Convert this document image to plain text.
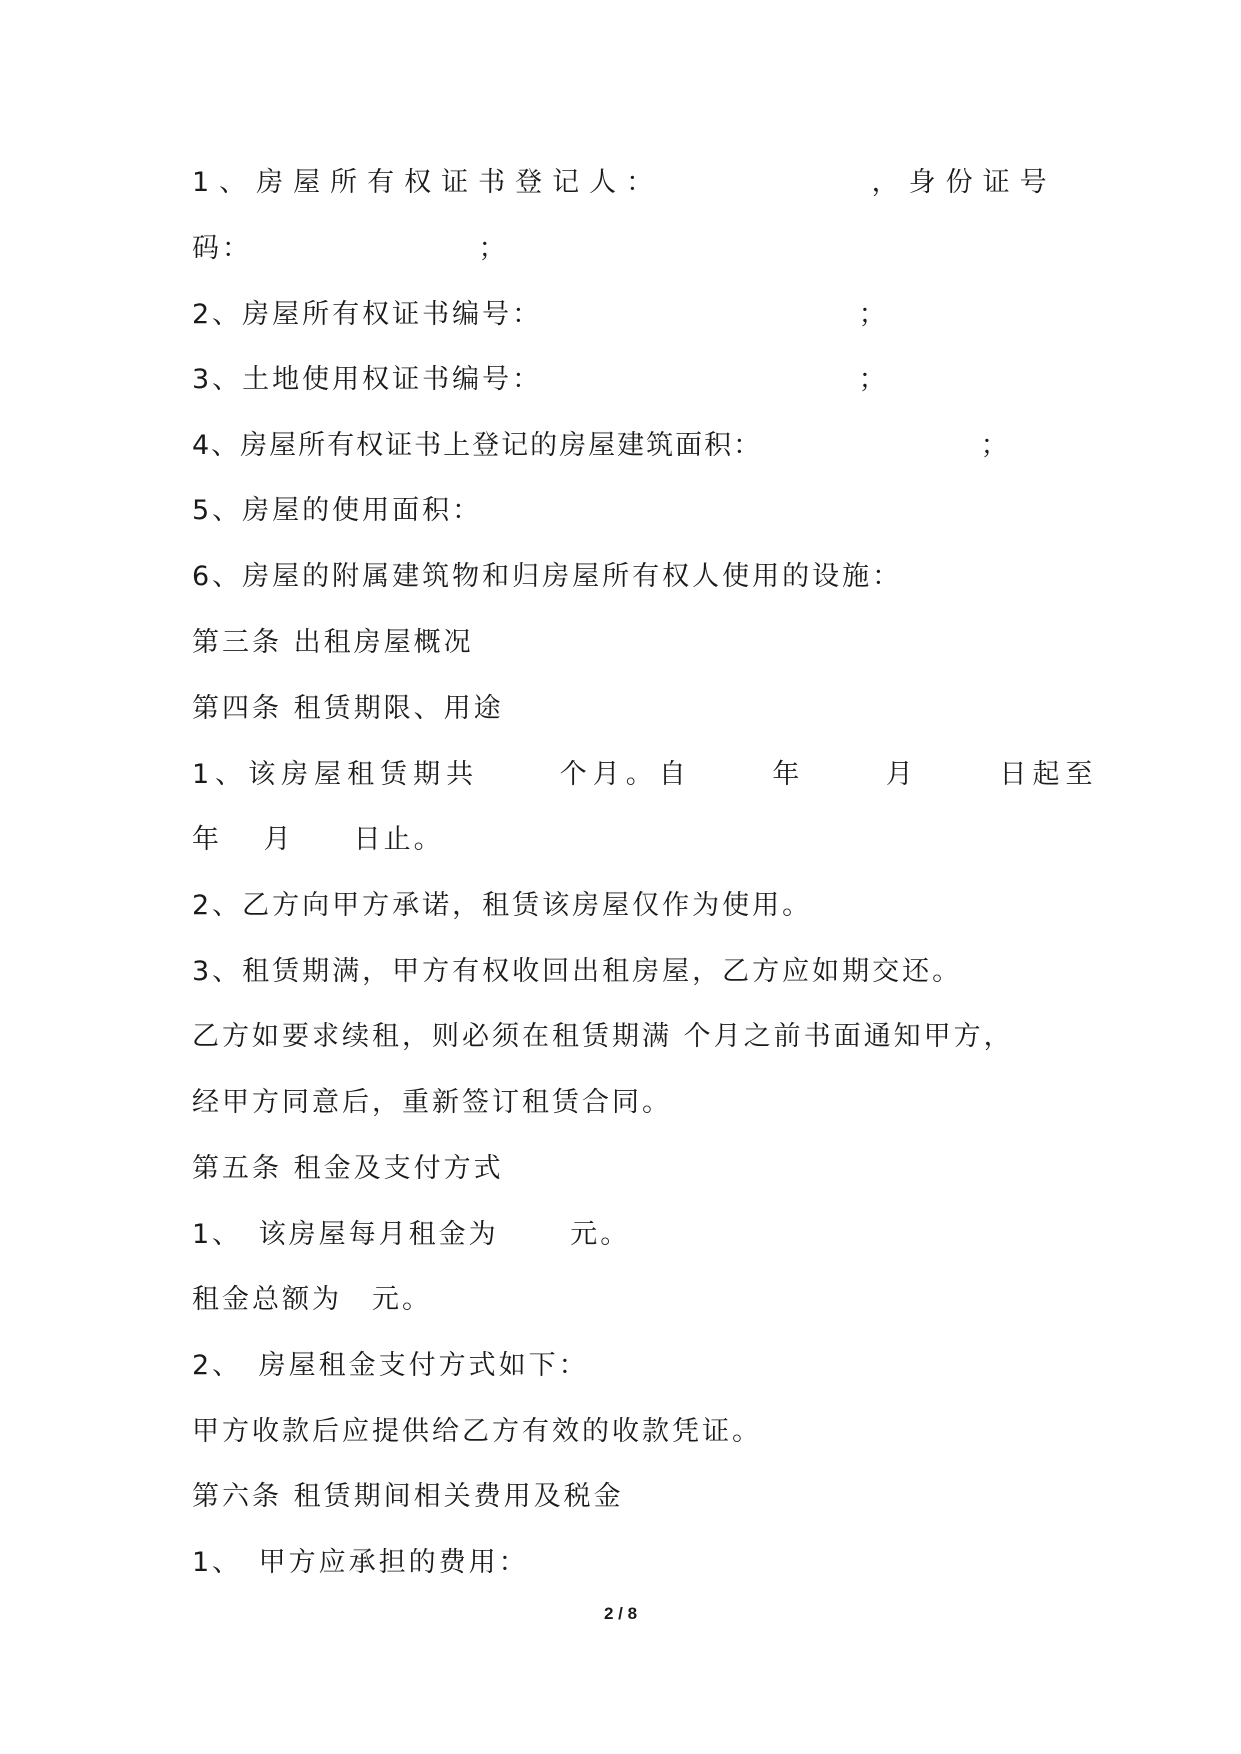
1、房屋所有权证书登记人：　　　　　　，身份证号
码：　　　　　　　　；
2、房屋所有权证书编号：　　　　　　　　　　　；
3、土地使用权证书编号：　　　　　　　　　　　；
4、房屋所有权证书上登记的房屋建筑面积：　　　　　　　　；
5、房屋的使用面积：
6、房屋的附属建筑物和归房屋所有权人使用的设施：
第三条 出租房屋概况
第四条 租赁期限、用途
1、该房屋租赁期共　　 个月。自　　 年　　 月　　 日起至
年　 月　　日止。
2、乙方向甲方承诺，租赁该房屋仅作为使用。
3、租赁期满，甲方有权收回出租房屋，乙方应如期交还。
乙方如要求续租，则必须在租赁期满 个月之前书面通知甲方，
经甲方同意后，重新签订租赁合同。
第五条 租金及支付方式
1、　该房屋每月租金为　　 元。
租金总额为　元。
2、　房屋租金支付方式如下：
甲方收款后应提供给乙方有效的收款凭证。
第六条 租赁期间相关费用及税金
1、　甲方应承担的费用：
2 / 8
